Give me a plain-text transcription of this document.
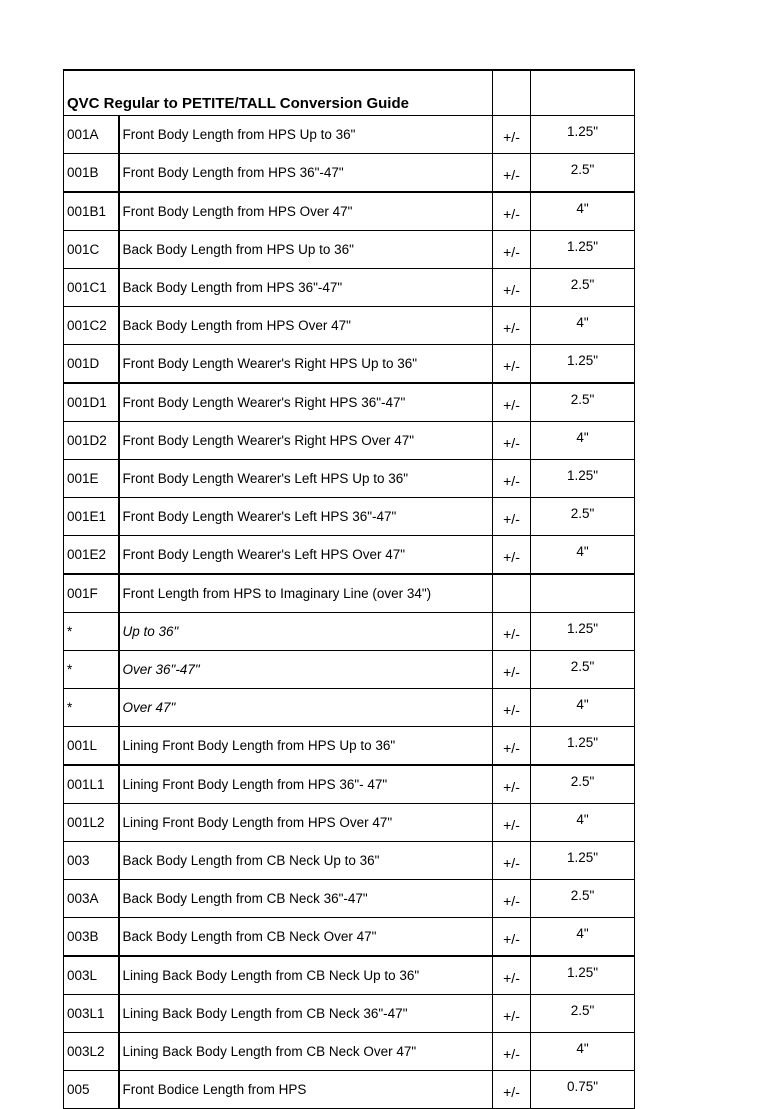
QVC Regular to PETITE/TALL Conversion Guide			
001A	Front Body Length from HPS Up to 36"	+/-	1.25"
001B	Front Body Length from HPS 36"-47"	+/-	2.5"
001B1	Front Body Length from HPS Over 47"	+/-	4"
001C	Back Body Length from HPS Up to 36"	+/-	1.25"
001C1	Back Body Length from HPS 36"-47"	+/-	2.5"
001C2	Back Body Length from HPS Over 47"	+/-	4"
001D	Front Body Length Wearer's Right HPS Up to 36"	+/-	1.25"
001D1	Front Body Length Wearer's Right HPS 36"-47"	+/-	2.5"
001D2	Front Body Length Wearer's Right HPS Over 47"	+/-	4"
001E	Front Body Length Wearer's Left HPS Up to 36"	+/-	1.25"
001E1	Front Body Length Wearer's Left HPS 36"-47"	+/-	2.5"
001E2	Front Body Length Wearer's Left HPS Over 47"	+/-	4"
001F	Front Length from HPS to Imaginary Line (over 34")		
*	Up to 36"	+/-	1.25"
*	Over 36"-47"	+/-	2.5"
*	Over 47"	+/-	4"
001L	Lining Front Body Length from HPS Up to 36"	+/-	1.25"
001L1	Lining Front Body Length from HPS 36"- 47"	+/-	2.5"
001L2	Lining Front Body Length from HPS Over 47"	+/-	4"
003	Back Body Length from CB Neck Up to 36"	+/-	1.25"
003A	Back Body Length from CB Neck 36"-47"	+/-	2.5"
003B	Back Body Length from CB Neck Over 47"	+/-	4"
003L	Lining Back Body Length from CB Neck Up to 36"	+/-	1.25"
003L1	Lining Back Body Length from CB Neck 36"-47"	+/-	2.5"
003L2	Lining Back Body Length from CB Neck Over 47"	+/-	4"
005	Front Bodice Length from HPS	+/-	0.75"
